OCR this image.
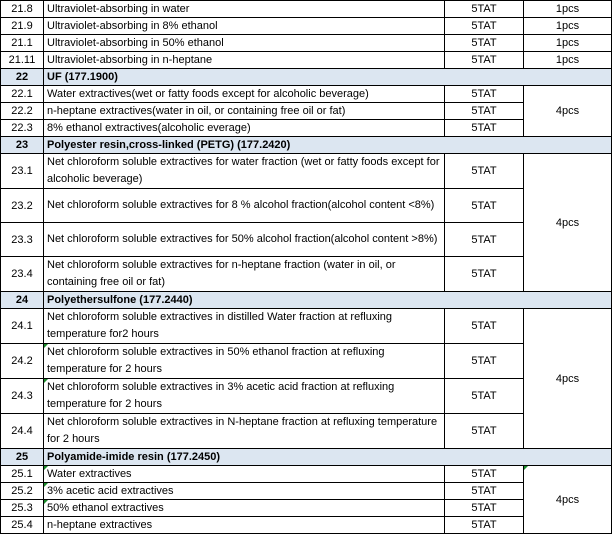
21.8	Ultraviolet-absorbing in water	5TAT	1pcs
21.9	Ultraviolet-absorbing in 8% ethanol	5TAT	1pcs
21.1	Ultraviolet-absorbing in 50% ethanol	5TAT	1pcs
21.11	Ultraviolet-absorbing in n-heptane	5TAT	1pcs
22	UF (177.1900)		
22.1	Water extractives(wet or fatty foods except for alcoholic beverage)	5TAT	4pcs
22.2	n-heptane extractives(water in oil, or containing free oil or fat)	5TAT	
22.3	8% ethanol extractives(alcoholic everage)	5TAT	
23	Polyester resin,cross-linked (PETG) (177.2420)		
23.1	Net chloroform soluble extractives for water fraction (wet or fatty foods except for alcoholic beverage)	5TAT	4pcs
23.2	Net chloroform soluble extractives for 8 % alcohol fraction(alcohol content <8%)	5TAT	
23.3	Net chloroform soluble extractives for 50% alcohol fraction(alcohol content >8%)	5TAT	
23.4	Net chloroform soluble extractives for n-heptane fraction (water in oil, or containing free oil or fat)	5TAT	
24	Polyethersulfone (177.2440)		
24.1	Net chloroform soluble extractives in distilled Water fraction at refluxing temperature for2 hours	5TAT	4pcs
24.2	Net chloroform soluble extractives in 50% ethanol fraction at refluxing temperature for 2 hours	5TAT	
24.3	Net chloroform soluble extractives in 3% acetic acid fraction at refluxing temperature for 2 hours	5TAT	
24.4	Net chloroform soluble extractives in N-heptane fraction at refluxing temperature for 2 hours	5TAT	
25	Polyamide-imide resin (177.2450)		
25.1	Water extractives	5TAT	4pcs
25.2	3% acetic acid extractives	5TAT	
25.3	50% ethanol extractives	5TAT	
25.4	n-heptane extractives	5TAT	
